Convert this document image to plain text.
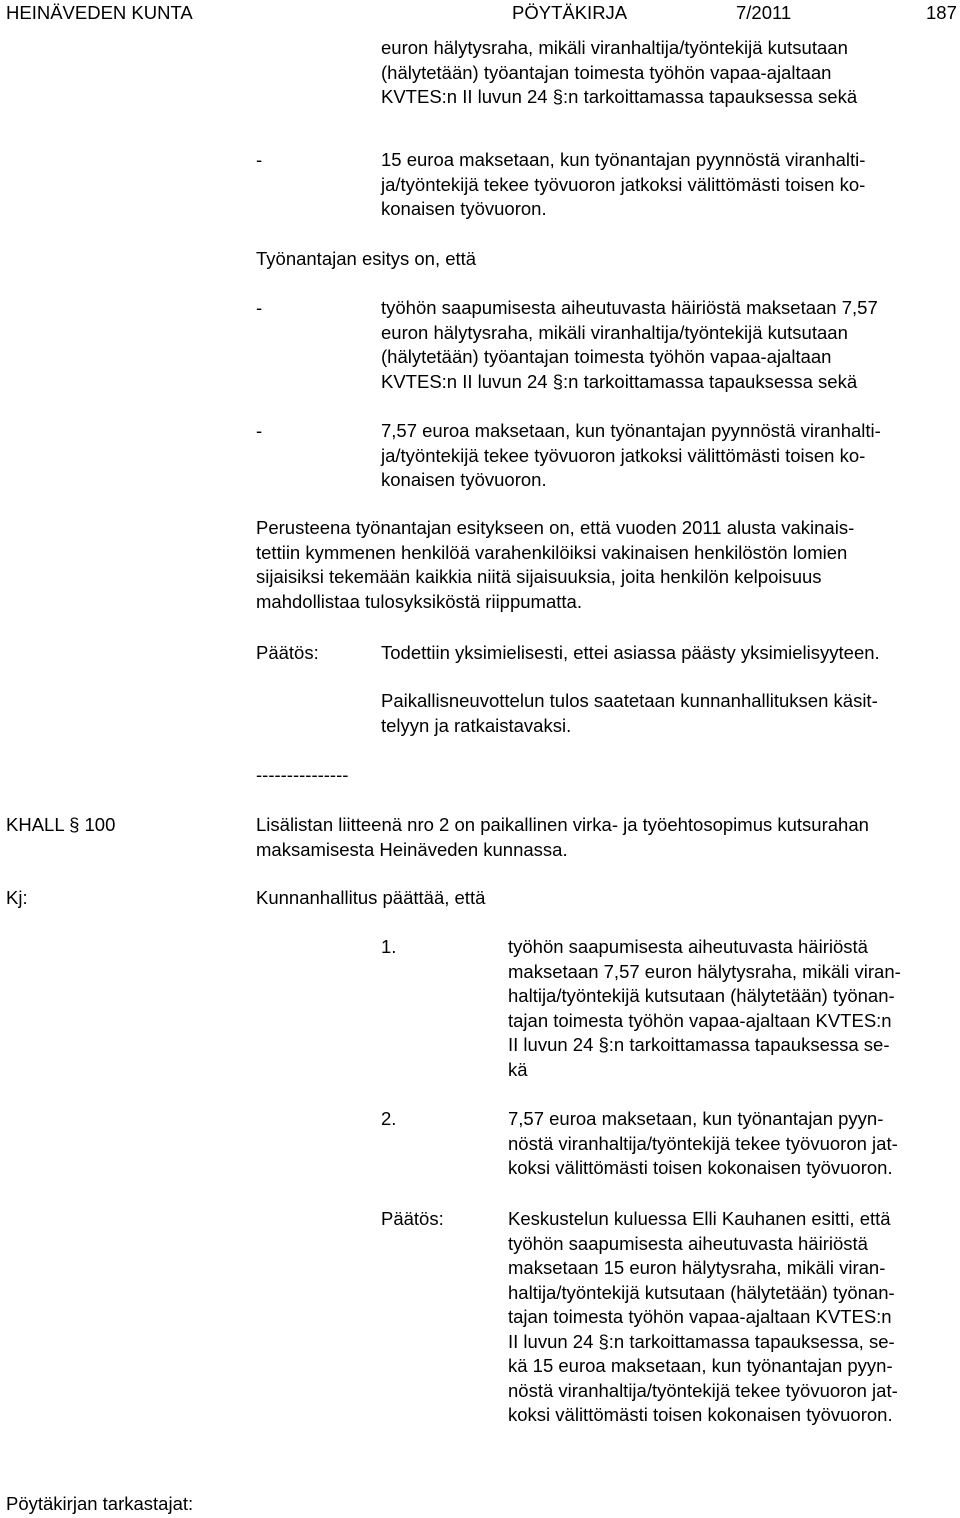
HEINÄVEDEN KUNTA	PÖYTÄKIRJA	7/2011	187
euron hälytysraha, mikäli viranhaltija/työntekijä kutsutaan
(hälytetään) työantajan toimesta työhön vapaa-ajaltaan
KVTES:n II luvun 24 §:n tarkoittamassa tapauksessa sekä
-	15 euroa maksetaan, kun työnantajan pyynnöstä viranhalti-
ja/työntekijä tekee työvuoron jatkoksi välittömästi toisen ko-
konaisen työvuoron.
Työnantajan esitys on, että
-	työhön saapumisesta aiheutuvasta häiriöstä maksetaan 7,57
euron hälytysraha, mikäli viranhaltija/työntekijä kutsutaan
(hälytetään) työantajan toimesta työhön vapaa-ajaltaan
KVTES:n II luvun 24 §:n tarkoittamassa tapauksessa sekä
-	7,57 euroa maksetaan, kun työnantajan pyynnöstä viranhalti-
ja/työntekijä tekee työvuoron jatkoksi välittömästi toisen ko-
konaisen työvuoron.
Perusteena työnantajan esitykseen on, että vuoden 2011 alusta vakinais-
tettiin kymmenen henkilöä varahenkilöiksi vakinaisen henkilöstön lomien
sijaisiksi tekemään kaikkia niitä sijaisuuksia, joita henkilön kelpoisuus
mahdollistaa tulosyksiköstä riippumatta.
Päätös:	Todettiin yksimielisesti, ettei asiassa päästy yksimielisyyteen.
Paikallisneuvottelun tulos saatetaan kunnanhallituksen käsit-
telyyn ja ratkaistavaksi.
---------------
KHALL § 100	Lisälistan liitteenä nro 2 on paikallinen virka- ja työehtosopimus kutsurahan
maksamisesta Heinäveden kunnassa.
Kj:	Kunnanhallitus päättää, että
1.	työhön saapumisesta aiheutuvasta häiriöstä
maksetaan 7,57 euron hälytysraha, mikäli viran-
haltija/työntekijä kutsutaan (hälytetään) työnan-
tajan toimesta työhön vapaa-ajaltaan KVTES:n
II luvun 24 §:n tarkoittamassa tapauksessa se-
kä
2.	7,57 euroa maksetaan, kun työnantajan pyyn-
nöstä viranhaltija/työntekijä tekee työvuoron jat-
koksi välittömästi toisen kokonaisen työvuoron.
Päätös:	Keskustelun kuluessa Elli Kauhanen esitti, että
työhön saapumisesta aiheutuvasta häiriöstä
maksetaan 15 euron hälytysraha, mikäli viran-
haltija/työntekijä kutsutaan (hälytetään) työnan-
tajan toimesta työhön vapaa-ajaltaan KVTES:n
II luvun 24 §:n tarkoittamassa tapauksessa, se-
kä 15 euroa maksetaan, kun työnantajan pyyn-
nöstä viranhaltija/työntekijä tekee työvuoron jat-
koksi välittömästi toisen kokonaisen työvuoron.
Pöytäkirjan tarkastajat:
